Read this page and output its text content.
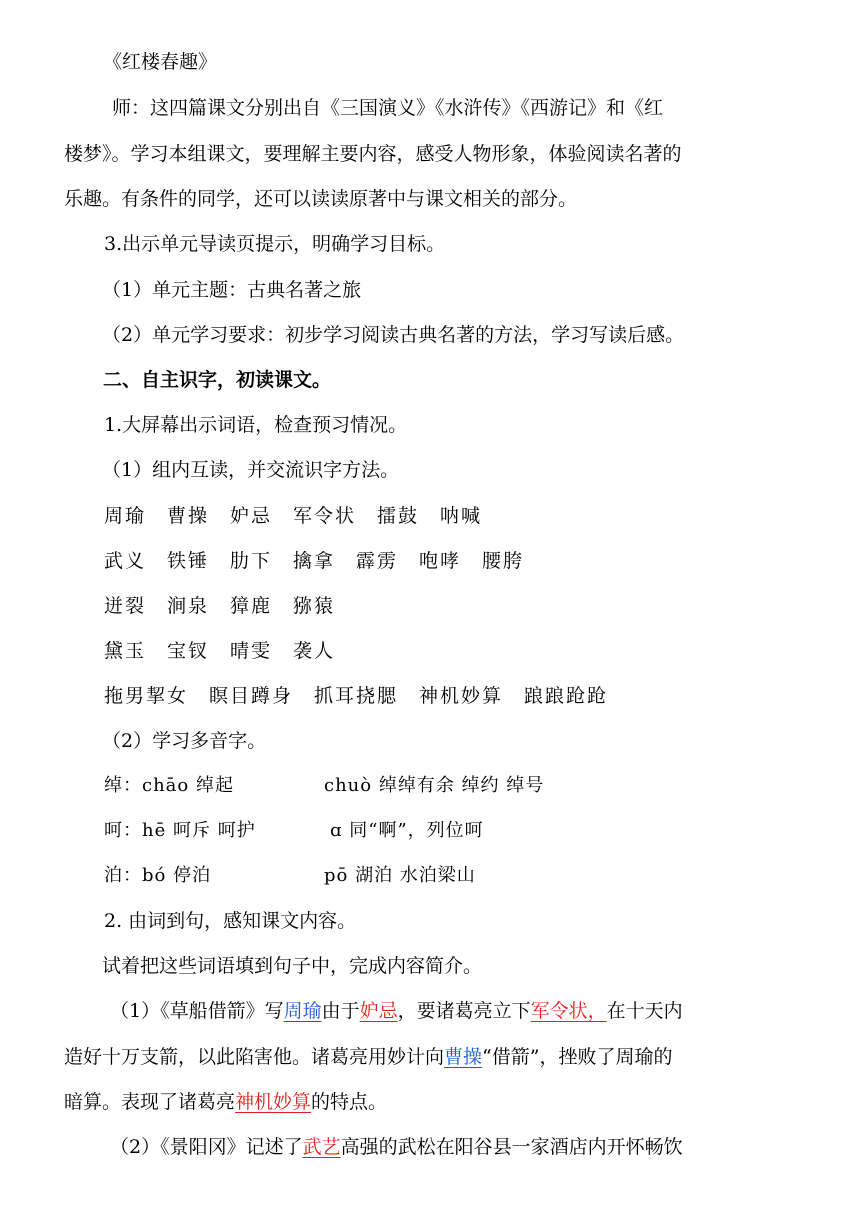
《红楼春趣》
师：这四篇课文分别出自《三国演义》《水浒传》《西游记》和《红
楼梦》。学习本组课文，要理解主要内容，感受人物形象，体验阅读名著的
乐趣。有条件的同学，还可以读读原著中与课文相关的部分。
3.出示单元导读页提示，明确学习目标。
（1）单元主题：古典名著之旅
（2）单元学习要求：初步学习阅读古典名著的方法，学习写读后感。
二、自主识字，初读课文。
1.大屏幕出示词语，检查预习情况。
（1）组内互读，并交流识字方法。
周瑜　曹操　妒忌　军令状　擂鼓　呐喊
武义　铁锤　肋下　擒拿　霹雳　咆哮　腰胯
迸裂　涧泉　獐鹿　猕猿
黛玉　宝钗　晴雯　袭人
拖男挈女　瞑目蹲身　抓耳挠腮　神机妙算　踉踉跄跄
（2）学习多音字。
绰：chāo 绰起	chuò 绰绰有余 绰约 绰号
呵：hē 呵斥 呵护	ɑ 同“啊”，列位呵
泊：bó 停泊	pō 湖泊 水泊梁山
2. 由词到句，感知课文内容。
试着把这些词语填到句子中，完成内容简介。
（1）《草船借箭》写周瑜由于妒忌，要诸葛亮立下军令状，在十天内
造好十万支箭，以此陷害他。诸葛亮用妙计向曹操“借箭”，挫败了周瑜的
暗算。表现了诸葛亮神机妙算的特点。
（2）《景阳冈》记述了武艺高强的武松在阳谷县一家酒店内开怀畅饮
